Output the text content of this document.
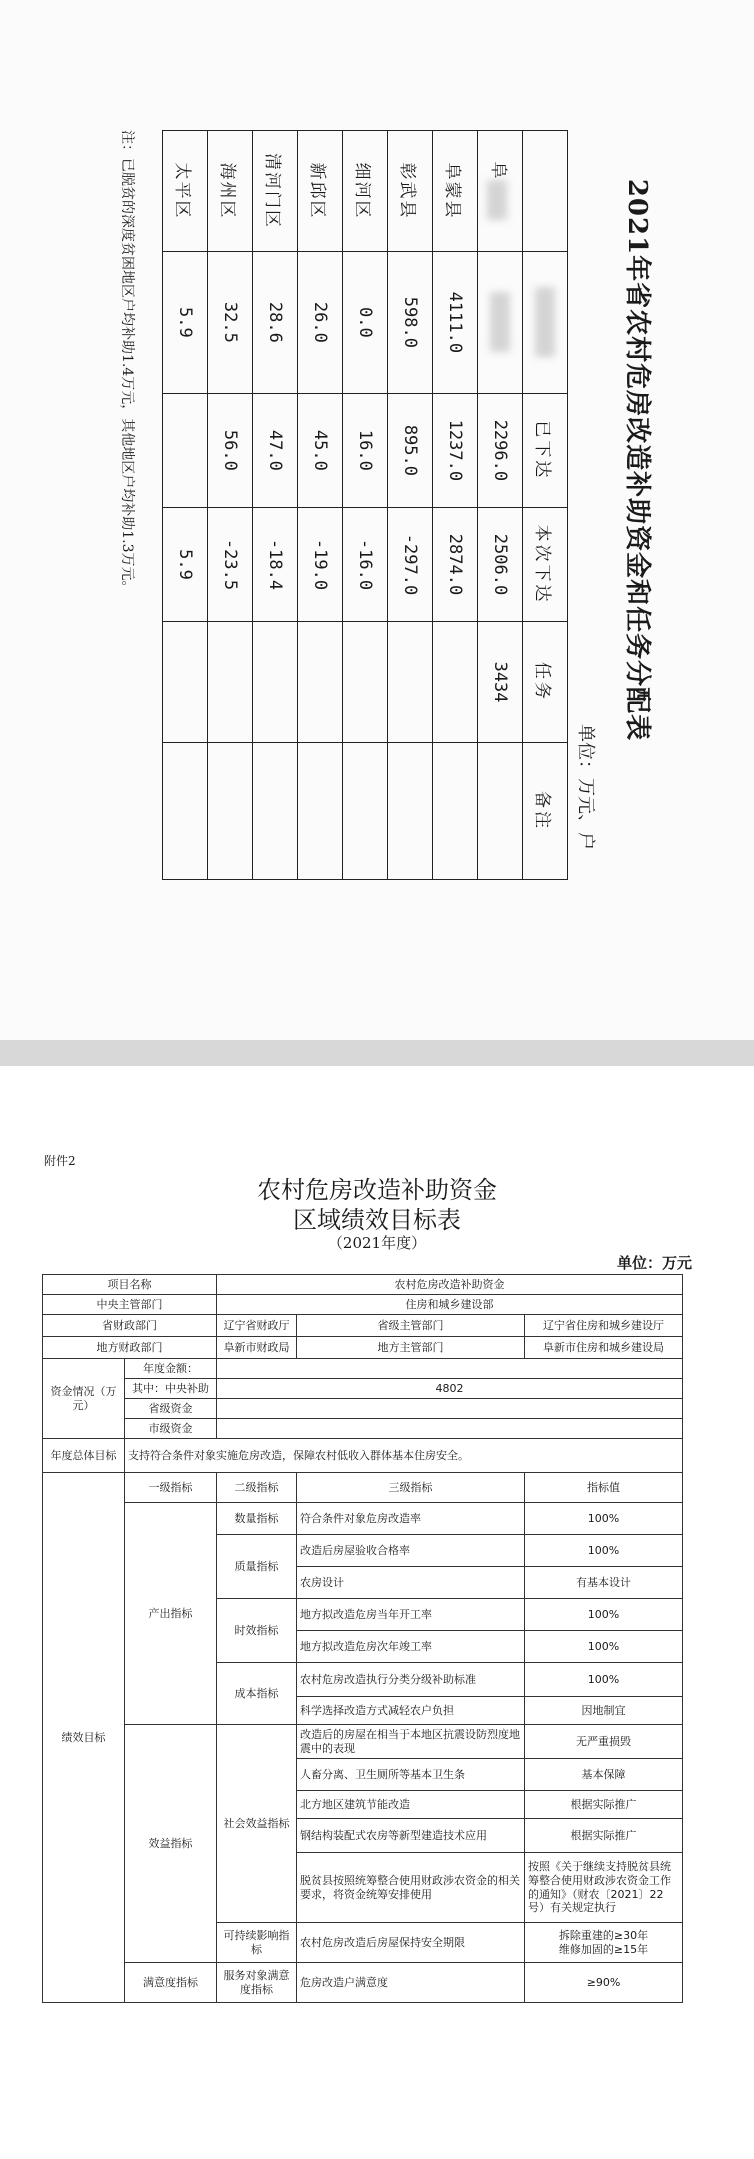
2021年省农村危房改造补助资金和任务分配表
单位：万元、户
		已下达	本次下达	任务	备注
阜		2296.0	2506.0	3434	
阜蒙县	4111.0	1237.0	2874.0		
彰武县	598.0	895.0	-297.0		
细河区	0.0	16.0	-16.0		
新邱区	26.0	45.0	-19.0		
清河门区	28.6	47.0	-18.4		
海州区	32.5	56.0	-23.5		
太平区	5.9		5.9		
注：已脱贫的深度贫困地区户均补助1.4万元，其他地区户均补助1.3万元。
附件2
农村危房改造补助资金
区域绩效目标表
（2021年度）
单位：万元
项目名称		农村危房改造补助资金		
中央主管部门		住房和城乡建设部		
省财政部门		辽宁省财政厅	省级主管部门	辽宁省住房和城乡建设厅
地方财政部门		阜新市财政局	地方主管部门	阜新市住房和城乡建设局
资金情况（万元）	年度金额：			
	其中：中央补助	4802		
	省级资金			
	市级资金			
年度总体目标	支持符合条件对象实施危房改造，保障农村低收入群体基本住房安全。			
绩效目标	一级指标	二级指标	三级指标	指标值
	产出指标	数量指标	符合条件对象危房改造率	100%
		质量指标	改造后房屋验收合格率	100%
			农房设计	有基本设计
		时效指标	地方拟改造危房当年开工率	100%
			地方拟改造危房次年竣工率	100%
		成本指标	农村危房改造执行分类分级补助标准	100%
			科学选择改造方式减轻农户负担	因地制宜
	效益指标	社会效益指标	改造后的房屋在相当于本地区抗震设防烈度地震中的表现	无严重损毁
			人畜分离、卫生厕所等基本卫生条	基本保障
			北方地区建筑节能改造	根据实际推广
			钢结构装配式农房等新型建造技术应用	根据实际推广
			脱贫县按照统筹整合使用财政涉农资金的相关要求，将资金统筹安排使用	按照《关于继续支持脱贫县统筹整合使用财政涉农资金工作的通知》（财农〔2021〕22号）有关规定执行
		可持续影响指标	农村危房改造后房屋保持安全期限	拆除重建的≥30年
维修加固的≥15年
	满意度指标	服务对象满意度指标	危房改造户满意度	≥90%
